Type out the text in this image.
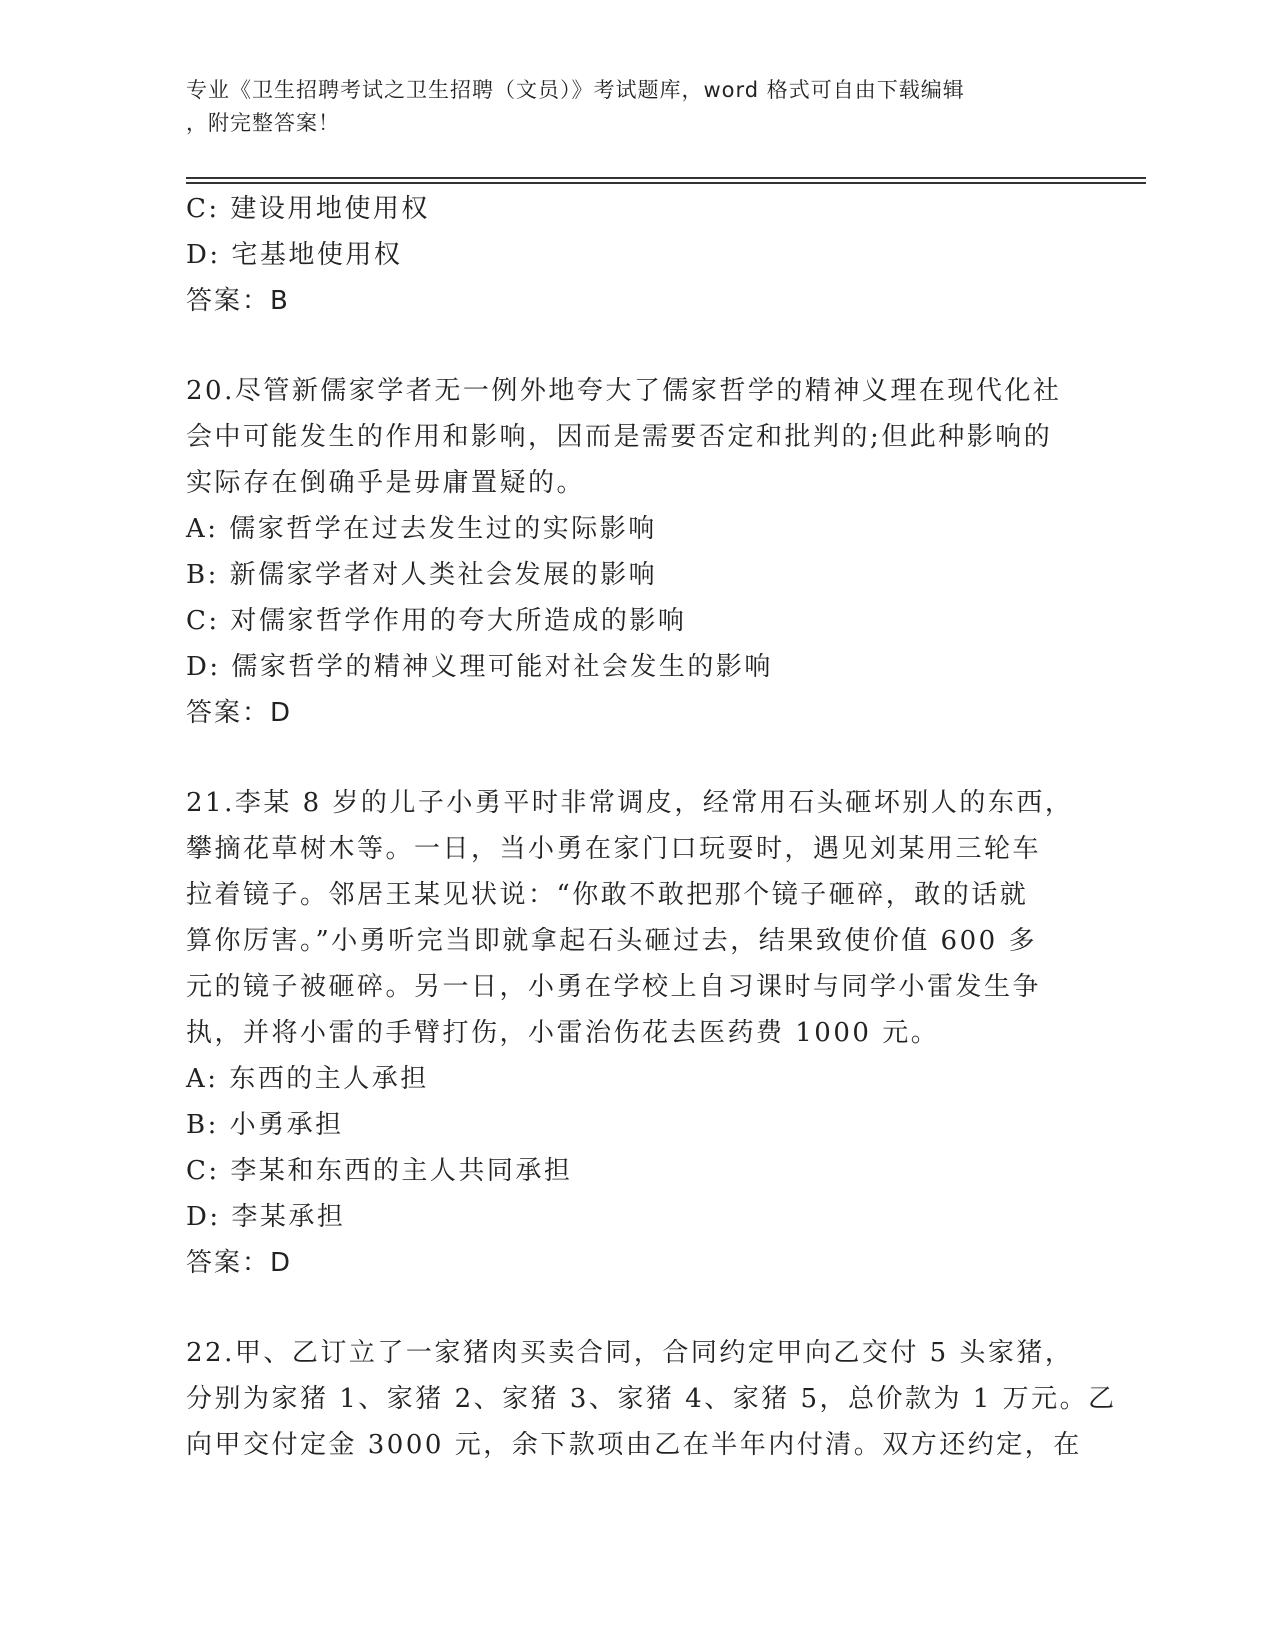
专业《卫生招聘考试之卫生招聘（文员）》考试题库，word 格式可自由下载编辑
，附完整答案！
C: 建设用地使用权
D: 宅基地使用权
答案：B
20.尽管新儒家学者无一例外地夸大了儒家哲学的精神义理在现代化社
会中可能发生的作用和影响，因而是需要否定和批判的;但此种影响的
实际存在倒确乎是毋庸置疑的。
A: 儒家哲学在过去发生过的实际影响
B: 新儒家学者对人类社会发展的影响
C: 对儒家哲学作用的夸大所造成的影响
D: 儒家哲学的精神义理可能对社会发生的影响
答案：D
21.李某 8 岁的儿子小勇平时非常调皮，经常用石头砸坏别人的东西，
攀摘花草树木等。一日，当小勇在家门口玩耍时，遇见刘某用三轮车
拉着镜子。邻居王某见状说：“你敢不敢把那个镜子砸碎，敢的话就
算你厉害。”小勇听完当即就拿起石头砸过去，结果致使价值 600 多
元的镜子被砸碎。另一日，小勇在学校上自习课时与同学小雷发生争
执，并将小雷的手臂打伤，小雷治伤花去医药费 1000 元。
A: 东西的主人承担
B: 小勇承担
C: 李某和东西的主人共同承担
D: 李某承担
答案：D
22.甲、乙订立了一家猪肉买卖合同，合同约定甲向乙交付 5 头家猪，
分别为家猪 1、家猪 2、家猪 3、家猪 4、家猪 5，总价款为 1 万元。乙
向甲交付定金 3000 元，余下款项由乙在半年内付清。双方还约定，在
